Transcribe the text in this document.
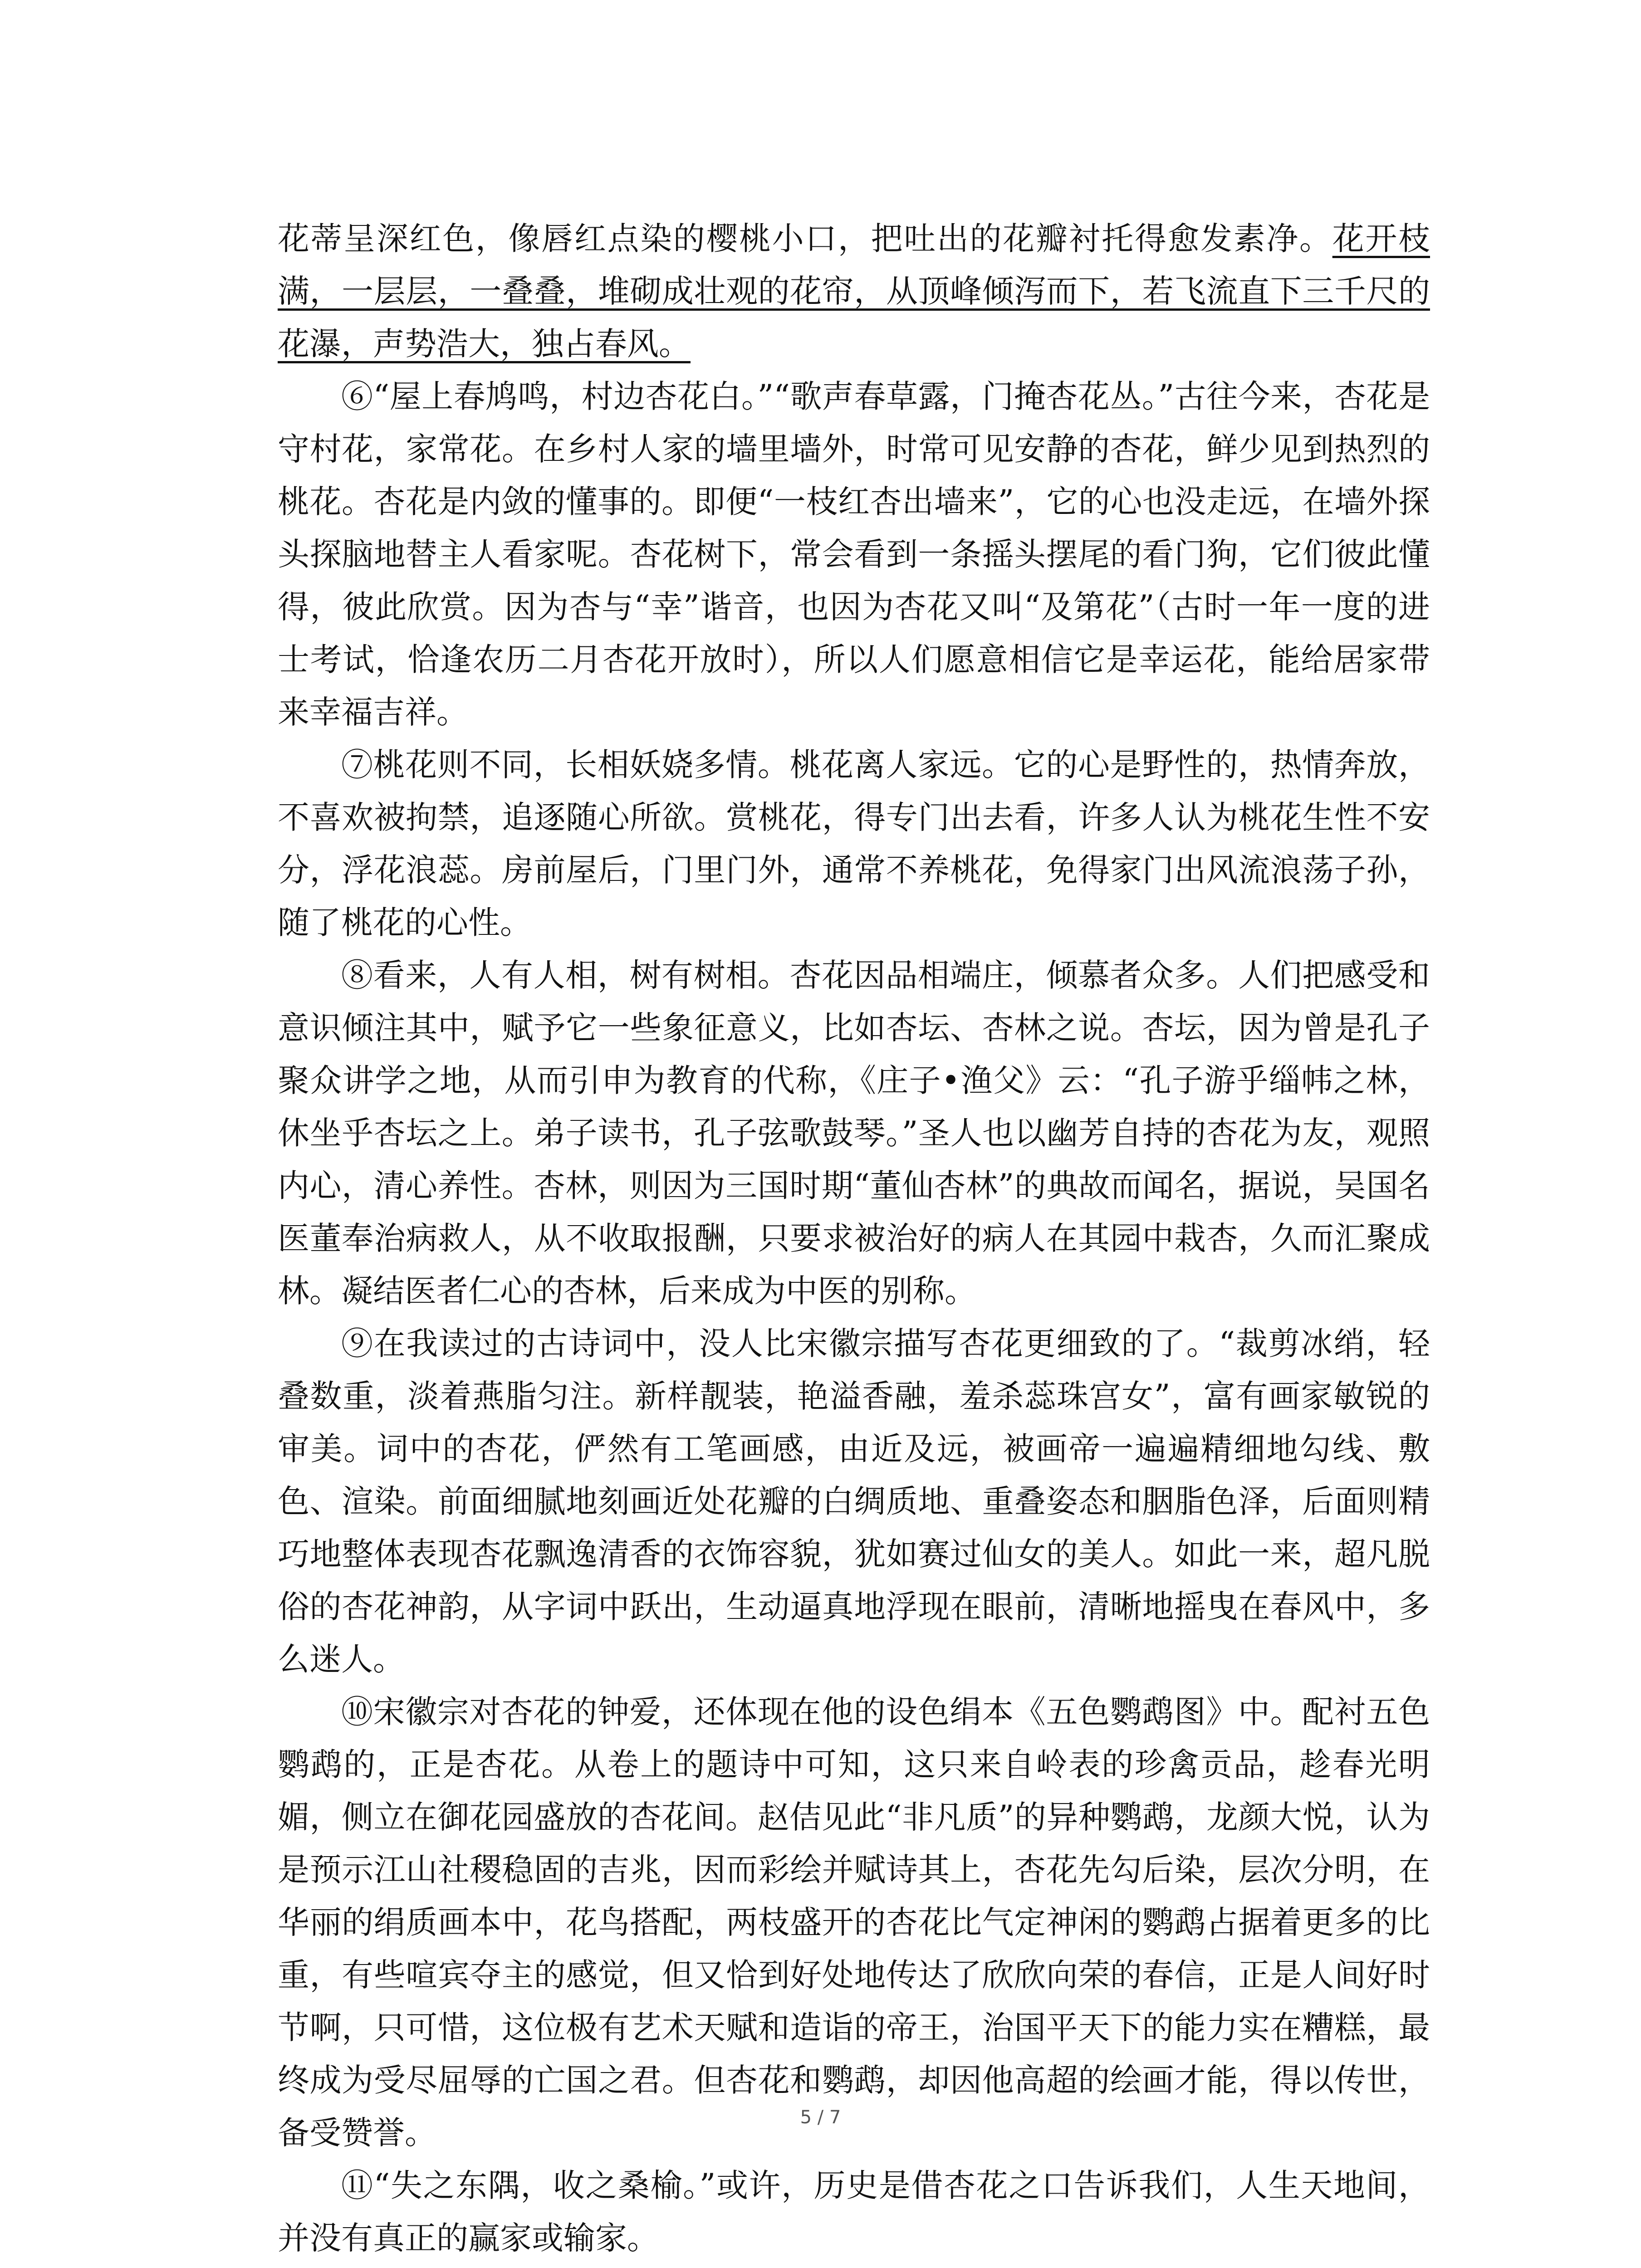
花蒂呈深红色，像唇红点染的樱桃小口，把吐出的花瓣衬托得愈发素净。花开枝满，一层层，一叠叠，堆砌成壮观的花帘，从顶峰倾泻而下，若飞流直下三千尺的花瀑，声势浩大，独占春风。

⑥“屋上春鸠鸣，村边杏花白。”“歌声春草露，门掩杏花丛。”古往今来，杏花是守村花，家常花。在乡村人家的墙里墙外，时常可见安静的杏花，鲜少见到热烈的桃花。杏花是内敛的懂事的。即便“一枝红杏出墙来”，它的心也没走远，在墙外探头探脑地替主人看家呢。杏花树下，常会看到一条摇头摆尾的看门狗，它们彼此懂得，彼此欣赏。因为杏与“幸”谐音，也因为杏花又叫“及第花”（古时一年一度的进士考试，恰逢农历二月杏花开放时），所以人们愿意相信它是幸运花，能给居家带来幸福吉祥。

⑦桃花则不同，长相妖娆多情。桃花离人家远。它的心是野性的，热情奔放，不喜欢被拘禁，追逐随心所欲。赏桃花，得专门出去看，许多人认为桃花生性不安分，浮花浪蕊。房前屋后，门里门外，通常不养桃花，免得家门出风流浪荡子孙，随了桃花的心性。

⑧看来，人有人相，树有树相。杏花因品相端庄，倾慕者众多。人们把感受和意识倾注其中，赋予它一些象征意义，比如杏坛、杏林之说。杏坛，因为曾是孔子聚众讲学之地，从而引申为教育的代称，《庄子•渔父》云：“孔子游乎缁帏之林，休坐乎杏坛之上。弟子读书，孔子弦歌鼓琴。”圣人也以幽芳自持的杏花为友，观照内心，清心养性。杏林，则因为三国时期“董仙杏林”的典故而闻名，据说，吴国名医董奉治病救人，从不收取报酬，只要求被治好的病人在其园中栽杏，久而汇聚成林。凝结医者仁心的杏林，后来成为中医的别称。

⑨在我读过的古诗词中，没人比宋徽宗描写杏花更细致的了。“裁剪冰绡，轻叠数重，淡着燕脂匀注。新样靓装，艳溢香融，羞杀蕊珠宫女”，富有画家敏锐的审美。词中的杏花，俨然有工笔画感，由近及远，被画帝一遍遍精细地勾线、敷色、渲染。前面细腻地刻画近处花瓣的白绸质地、重叠姿态和胭脂色泽，后面则精巧地整体表现杏花飘逸清香的衣饰容貌，犹如赛过仙女的美人。如此一来，超凡脱俗的杏花神韵，从字词中跃出，生动逼真地浮现在眼前，清晰地摇曳在春风中，多么迷人。

⑩宋徽宗对杏花的钟爱，还体现在他的设色绢本《五色鹦鹉图》中。配衬五色鹦鹉的，正是杏花。从卷上的题诗中可知，这只来自岭表的珍禽贡品，趁春光明媚，侧立在御花园盛放的杏花间。赵佶见此“非凡质”的异种鹦鹉，龙颜大悦，认为是预示江山社稷稳固的吉兆，因而彩绘并赋诗其上，杏花先勾后染，层次分明，在华丽的绢质画本中，花鸟搭配，两枝盛开的杏花比气定神闲的鹦鹉占据着更多的比重，有些喧宾夺主的感觉，但又恰到好处地传达了欣欣向荣的春信，正是人间好时节啊，只可惜，这位极有艺术天赋和造诣的帝王，治国平天下的能力实在糟糕，最终成为受尽屈辱的亡国之君。但杏花和鹦鹉，却因他高超的绘画才能，得以传世，备受赞誉。

⑪“失之东隅，收之桑榆。”或许，历史是借杏花之口告诉我们，人生天地间，并没有真正的赢家或输家。

5 / 7
